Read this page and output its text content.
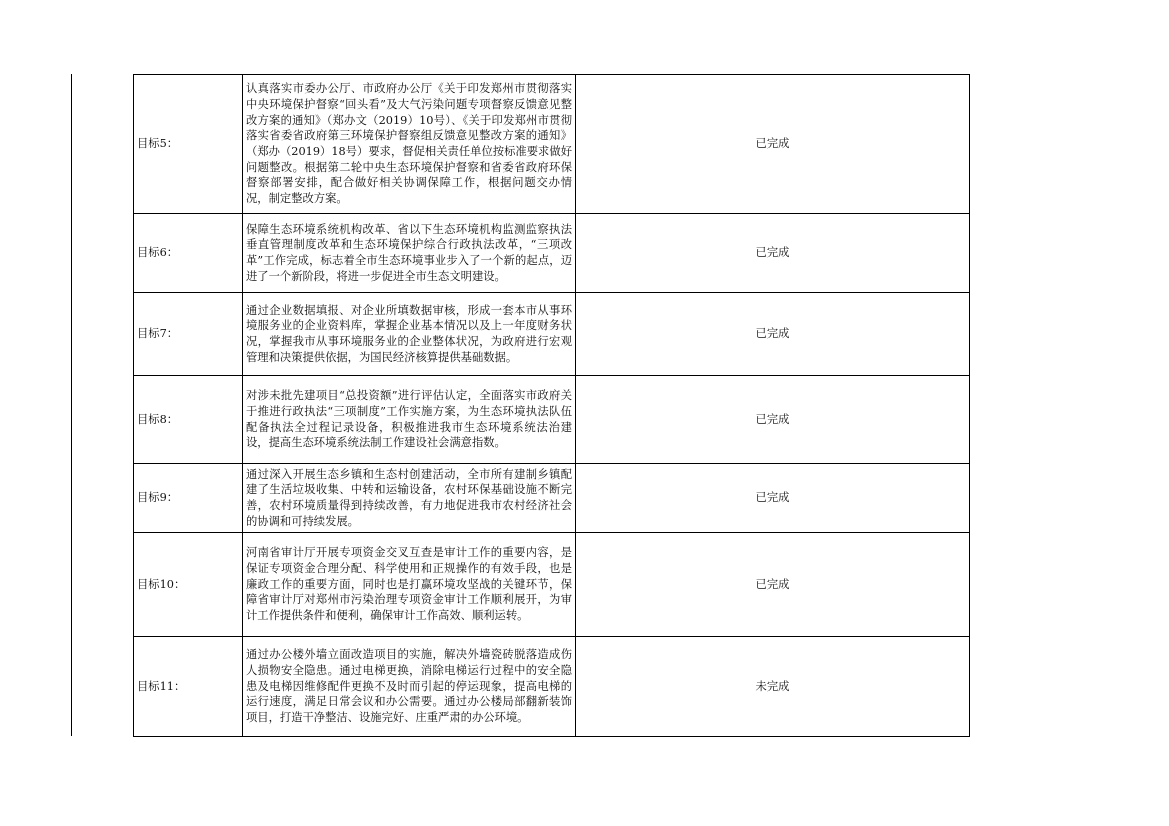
目标5：	认真落实市委办公厅、市政府办公厅《关于印发郑州市贯彻落实中央环境保护督察“回头看”及大气污染问题专项督察反馈意见整改方案的通知》（郑办文（2019）10号）、《关于印发郑州市贯彻落实省委省政府第三环境保护督察组反馈意见整改方案的通知》（郑办（2019）18号）要求，督促相关责任单位按标准要求做好问题整改。根据第二轮中央生态环境保护督察和省委省政府环保督察部署安排，配合做好相关协调保障工作，根据问题交办情况，制定整改方案。	已完成
目标6：	保障生态环境系统机构改革、省以下生态环境机构监测监察执法垂直管理制度改革和生态环境保护综合行政执法改革，“三项改革”工作完成，标志着全市生态环境事业步入了一个新的起点，迈进了一个新阶段，将进一步促进全市生态文明建设。	已完成
目标7：	通过企业数据填报、对企业所填数据审核，形成一套本市从事环境服务业的企业资料库，掌握企业基本情况以及上一年度财务状况，掌握我市从事环境服务业的企业整体状况，为政府进行宏观管理和决策提供依据，为国民经济核算提供基础数据。	已完成
目标8：	对涉未批先建项目“总投资额”进行评估认定，全面落实市政府关于推进行政执法“三项制度”工作实施方案，为生态环境执法队伍配备执法全过程记录设备，积极推进我市生态环境系统法治建设，提高生态环境系统法制工作建设社会满意指数。	已完成
目标9：	通过深入开展生态乡镇和生态村创建活动，全市所有建制乡镇配建了生活垃圾收集、中转和运输设备，农村环保基础设施不断完善，农村环境质量得到持续改善，有力地促进我市农村经济社会的协调和可持续发展。	已完成
目标10：	河南省审计厅开展专项资金交叉互查是审计工作的重要内容，是保证专项资金合理分配、科学使用和正规操作的有效手段，也是廉政工作的重要方面，同时也是打赢环境攻坚战的关键环节，保障省审计厅对郑州市污染治理专项资金审计工作顺利展开，为审计工作提供条件和便利，确保审计工作高效、顺利运转。	已完成
目标11：	通过办公楼外墙立面改造项目的实施，解决外墙瓷砖脱落造成伤人损物安全隐患。通过电梯更换，消除电梯运行过程中的安全隐患及电梯因维修配件更换不及时而引起的停运现象，提高电梯的运行速度，满足日常会议和办公需要。通过办公楼局部翻新装饰项目，打造干净整洁、设施完好、庄重严肃的办公环境。	未完成
